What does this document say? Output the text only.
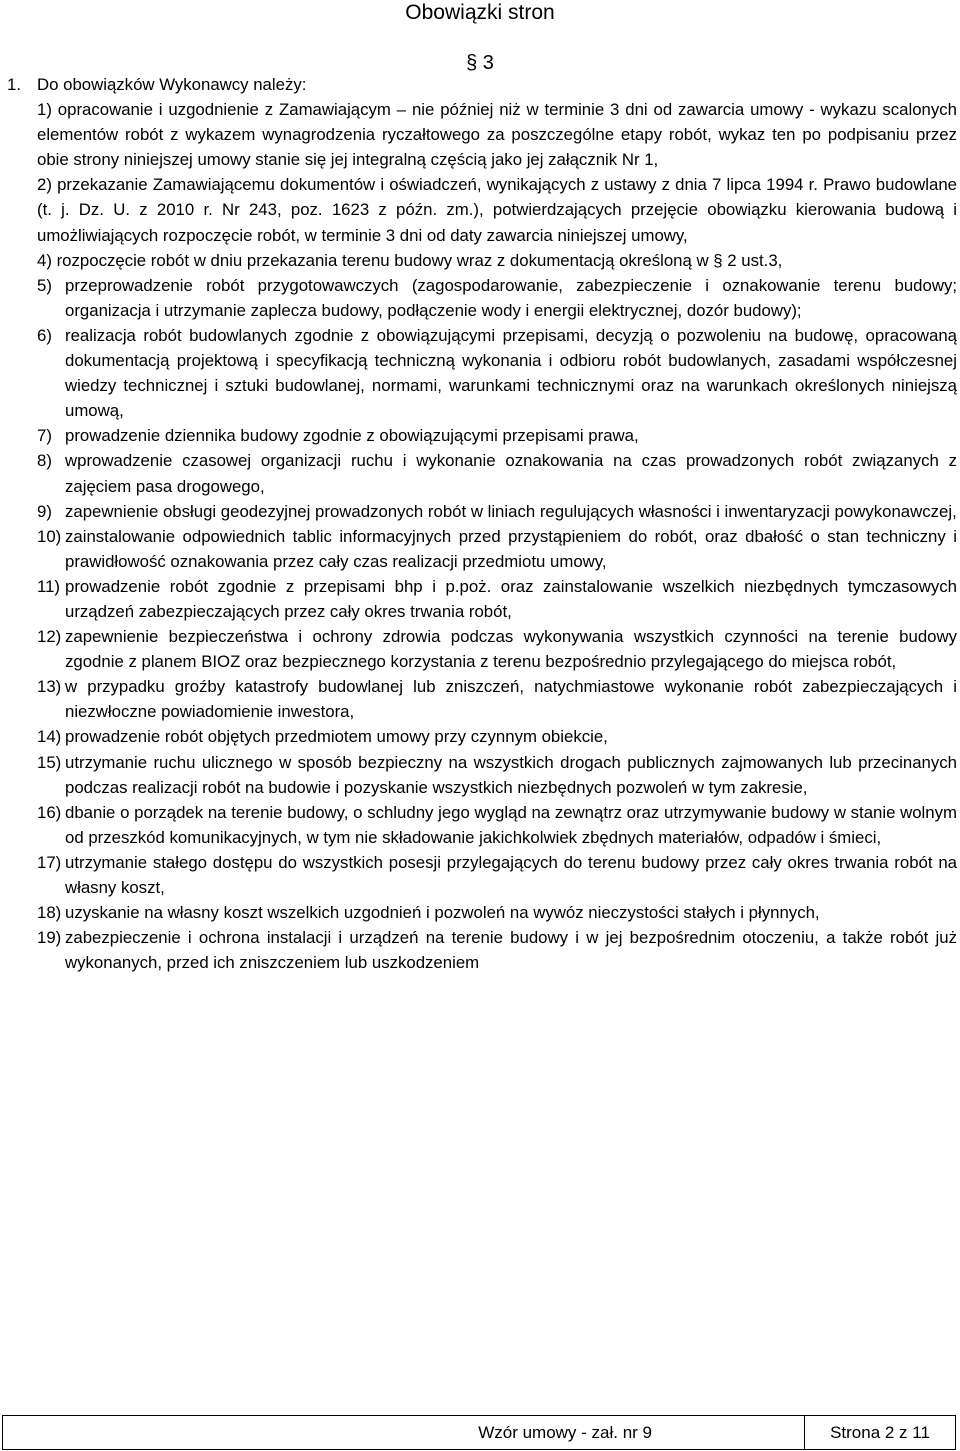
Obowiązki stron
§ 3
1. Do obowiązków Wykonawcy należy:
1) opracowanie i uzgodnienie z Zamawiającym – nie później niż w terminie 3 dni od zawarcia umowy - wykazu scalonych elementów robót z wykazem wynagrodzenia ryczałtowego za poszczególne etapy robót, wykaz ten po podpisaniu przez obie strony niniejszej umowy stanie się jej integralną częścią jako jej załącznik Nr 1,
2) przekazanie Zamawiającemu dokumentów i oświadczeń, wynikających z ustawy z dnia 7 lipca 1994 r. Prawo budowlane (t. j. Dz. U. z 2010 r. Nr 243, poz. 1623 z późn. zm.), potwierdzających przejęcie obowiązku kierowania budową i umożliwiających rozpoczęcie robót, w terminie 3 dni od daty zawarcia niniejszej umowy,
4) rozpoczęcie robót w dniu przekazania terenu budowy wraz z dokumentacją określoną w § 2 ust.3,
5) przeprowadzenie robót przygotowawczych (zagospodarowanie, zabezpieczenie i oznakowanie terenu budowy; organizacja i utrzymanie zaplecza budowy, podłączenie wody i energii elektrycznej, dozór budowy);
6) realizacja robót budowlanych zgodnie z obowiązującymi przepisami, decyzją o pozwoleniu na budowę, opracowaną dokumentacją projektową i specyfikacją techniczną wykonania i odbioru robót budowlanych, zasadami współczesnej wiedzy technicznej i sztuki budowlanej, normami, warunkami technicznymi oraz na warunkach określonych niniejszą umową,
7) prowadzenie dziennika budowy zgodnie z obowiązującymi przepisami prawa,
8) wprowadzenie czasowej organizacji ruchu i wykonanie oznakowania na czas prowadzonych robót związanych z zajęciem pasa drogowego,
9) zapewnienie obsługi geodezyjnej prowadzonych robót w liniach regulujących własności i inwentaryzacji powykonawczej,
10) zainstalowanie odpowiednich tablic informacyjnych przed przystąpieniem do robót, oraz dbałość o stan techniczny i prawidłowość oznakowania przez cały czas realizacji przedmiotu umowy,
11) prowadzenie robót zgodnie z przepisami bhp i p.poż. oraz zainstalowanie wszelkich niezbędnych tymczasowych urządzeń zabezpieczających przez cały okres trwania robót,
12) zapewnienie bezpieczeństwa i ochrony zdrowia podczas wykonywania wszystkich czynności na terenie budowy zgodnie z planem BIOZ oraz bezpiecznego korzystania z terenu bezpośrednio przylegającego do miejsca robót,
13) w przypadku groźby katastrofy budowlanej lub zniszczeń, natychmiastowe wykonanie robót zabezpieczających i niezwłoczne powiadomienie inwestora,
14) prowadzenie robót objętych przedmiotem umowy przy czynnym obiekcie,
15) utrzymanie ruchu ulicznego w sposób bezpieczny na wszystkich drogach publicznych zajmowanych lub przecinanych podczas realizacji robót na budowie i pozyskanie wszystkich niezbędnych pozwoleń w tym zakresie,
16) dbanie o porządek na terenie budowy, o schludny jego wygląd na zewnątrz oraz utrzymywanie budowy w stanie wolnym od przeszkód komunikacyjnych, w tym nie składowanie jakichkolwiek zbędnych materiałów, odpadów i śmieci,
17) utrzymanie stałego dostępu do wszystkich posesji przylegających do terenu budowy przez cały okres trwania robót na własny koszt,
18) uzyskanie na własny koszt wszelkich uzgodnień i pozwoleń na wywóz nieczystości stałych i płynnych,
19) zabezpieczenie i ochrona instalacji i urządzeń na terenie budowy i w jej bezpośrednim otoczeniu, a także robót już wykonanych, przed ich zniszczeniem lub uszkodzeniem
Wzór umowy - zał. nr 9	Strona 2 z 11
